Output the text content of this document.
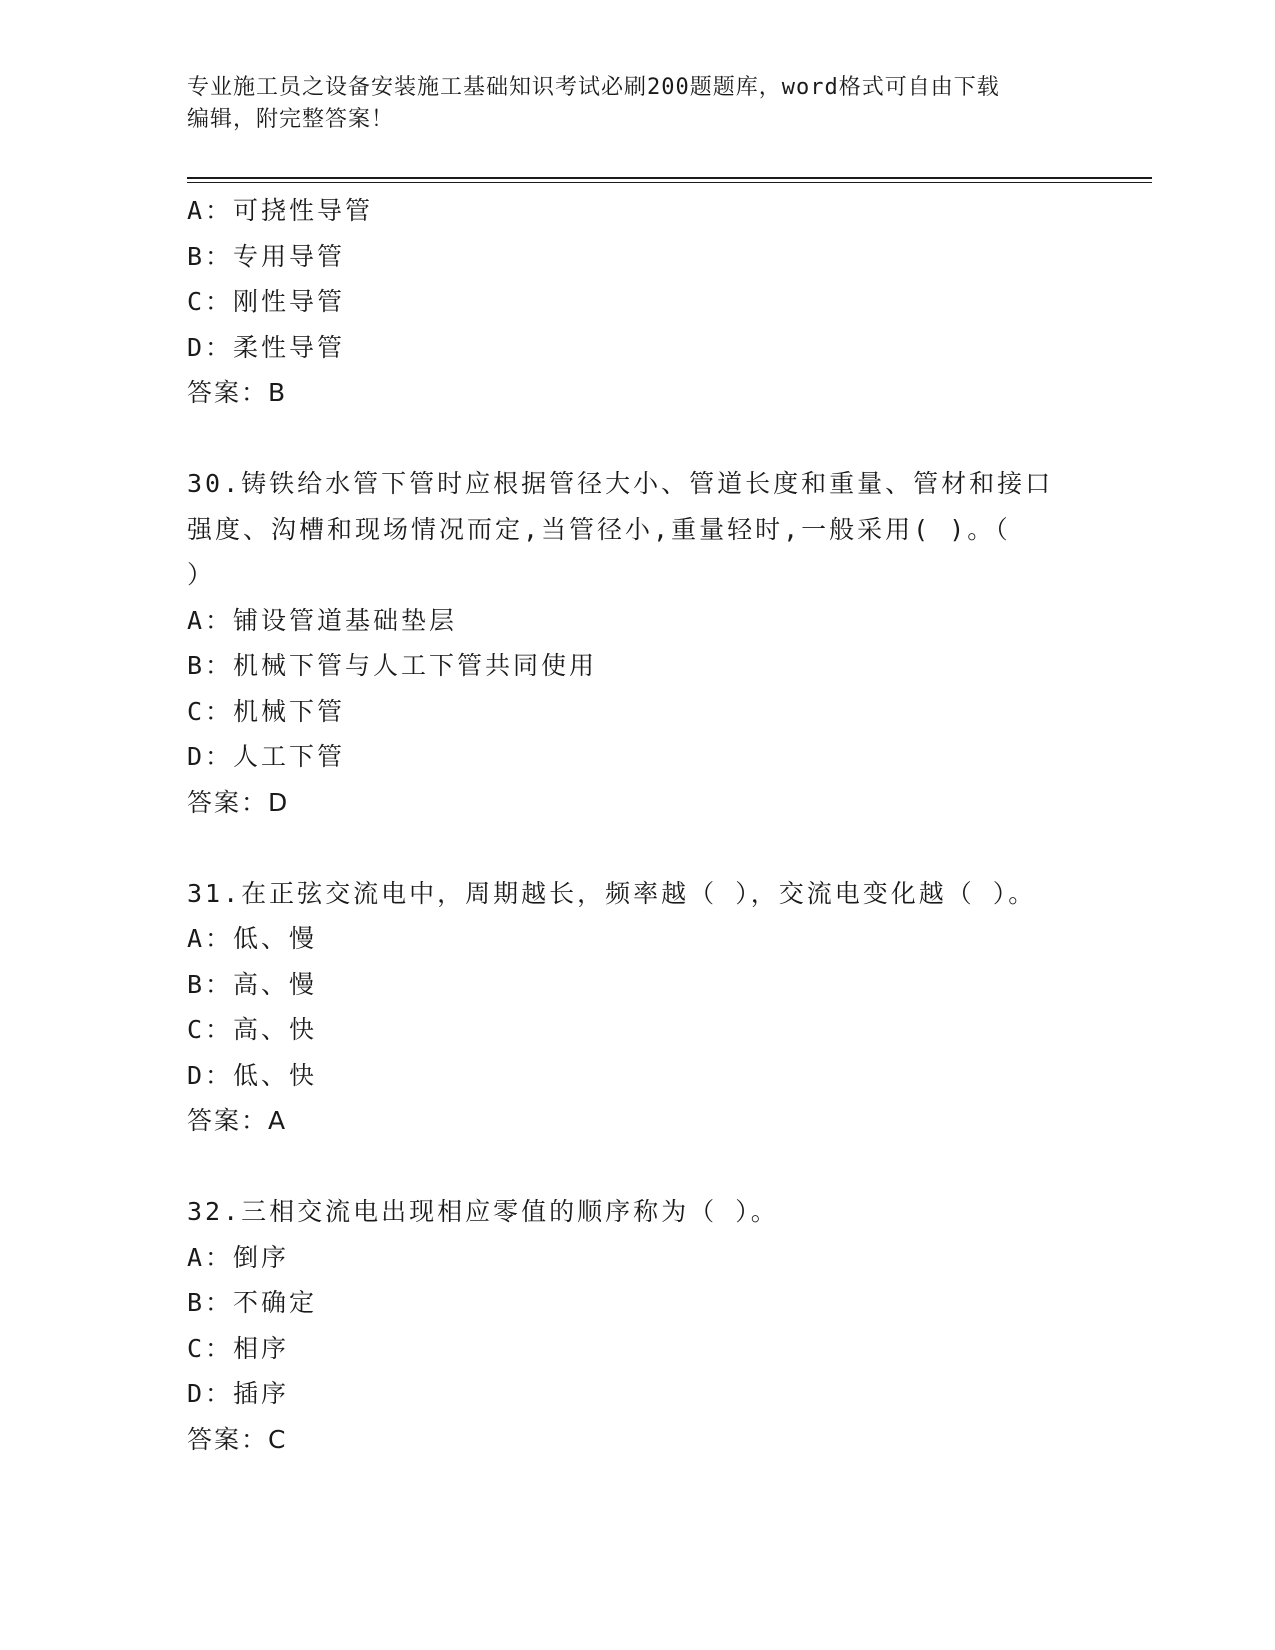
专业施工员之设备安装施工基础知识考试必刷200题题库，word格式可自由下载
编辑，附完整答案！
A：可挠性导管
B：专用导管
C：刚性导管
D：柔性导管
答案：B
30.铸铁给水管下管时应根据管径大小、管道长度和重量、管材和接口
强度、沟槽和现场情况而定,当管径小,重量轻时,一般采用( )。（
）
A：铺设管道基础垫层
B：机械下管与人工下管共同使用
C：机械下管
D：人工下管
答案：D
31.在正弦交流电中，周期越长，频率越（ ），交流电变化越（ ）。
A：低、慢
B：高、慢
C：高、快
D：低、快
答案：A
32.三相交流电出现相应零值的顺序称为（ ）。
A：倒序
B：不确定
C：相序
D：插序
答案：C
